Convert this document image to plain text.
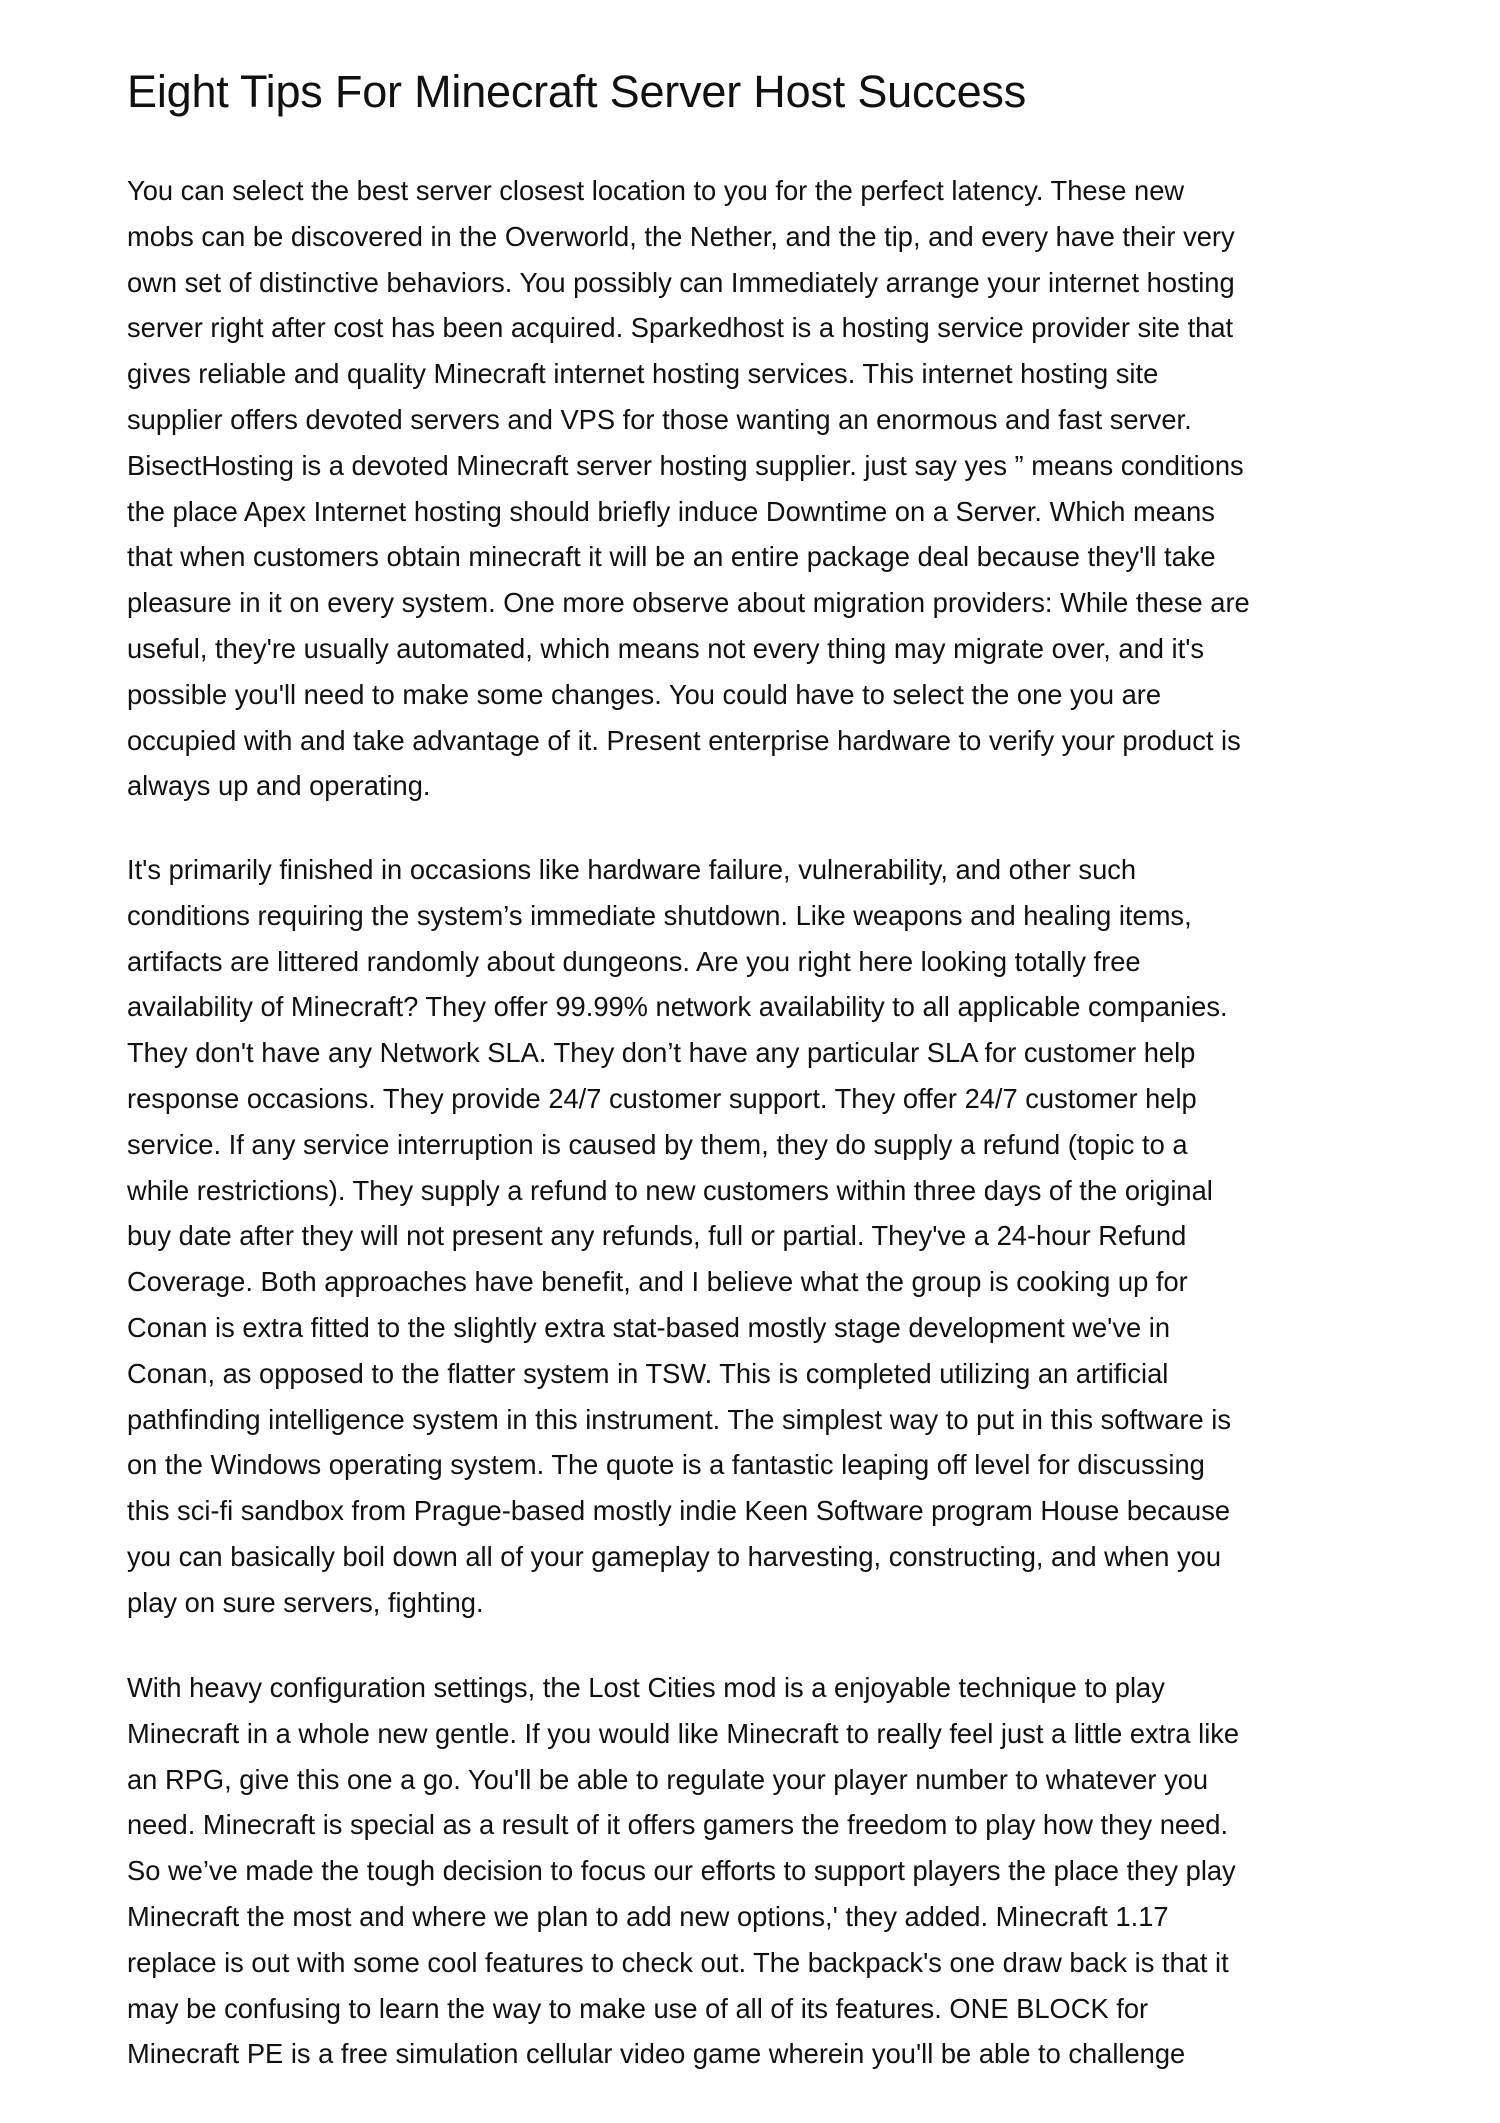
Eight Tips For Minecraft Server Host Success
You can select the best server closest location to you for the perfect latency. These new
mobs can be discovered in the Overworld, the Nether, and the tip, and every have their very
own set of distinctive behaviors. You possibly can Immediately arrange your internet hosting
server right after cost has been acquired. Sparkedhost is a hosting service provider site that
gives reliable and quality Minecraft internet hosting services. This internet hosting site
supplier offers devoted servers and VPS for those wanting an enormous and fast server.
BisectHosting is a devoted Minecraft server hosting supplier. just say yes ” means conditions
the place Apex Internet hosting should briefly induce Downtime on a Server. Which means
that when customers obtain minecraft it will be an entire package deal because they'll take
pleasure in it on every system. One more observe about migration providers: While these are
useful, they're usually automated, which means not every thing may migrate over, and it's
possible you'll need to make some changes. You could have to select the one you are
occupied with and take advantage of it. Present enterprise hardware to verify your product is
always up and operating.
It's primarily finished in occasions like hardware failure, vulnerability, and other such
conditions requiring the system’s immediate shutdown. Like weapons and healing items,
artifacts are littered randomly about dungeons. Are you right here looking totally free
availability of Minecraft? They offer 99.99% network availability to all applicable companies.
They don't have any Network SLA. They don’t have any particular SLA for customer help
response occasions. They provide 24/7 customer support. They offer 24/7 customer help
service. If any service interruption is caused by them, they do supply a refund (topic to a
while restrictions). They supply a refund to new customers within three days of the original
buy date after they will not present any refunds, full or partial. They've a 24-hour Refund
Coverage. Both approaches have benefit, and I believe what the group is cooking up for
Conan is extra fitted to the slightly extra stat-based mostly stage development we've in
Conan, as opposed to the flatter system in TSW. This is completed utilizing an artificial
pathfinding intelligence system in this instrument. The simplest way to put in this software is
on the Windows operating system. The quote is a fantastic leaping off level for discussing
this sci-fi sandbox from Prague-based mostly indie Keen Software program House because
you can basically boil down all of your gameplay to harvesting, constructing, and when you
play on sure servers, fighting.
With heavy configuration settings, the Lost Cities mod is a enjoyable technique to play
Minecraft in a whole new gentle. If you would like Minecraft to really feel just a little extra like
an RPG, give this one a go. You'll be able to regulate your player number to whatever you
need. Minecraft is special as a result of it offers gamers the freedom to play how they need.
So we’ve made the tough decision to focus our efforts to support players the place they play
Minecraft the most and where we plan to add new options,' they added. Minecraft 1.17
replace is out with some cool features to check out. The backpack's one draw back is that it
may be confusing to learn the way to make use of all of its features. ONE BLOCK for
Minecraft PE is a free simulation cellular video game wherein you'll be able to challenge
